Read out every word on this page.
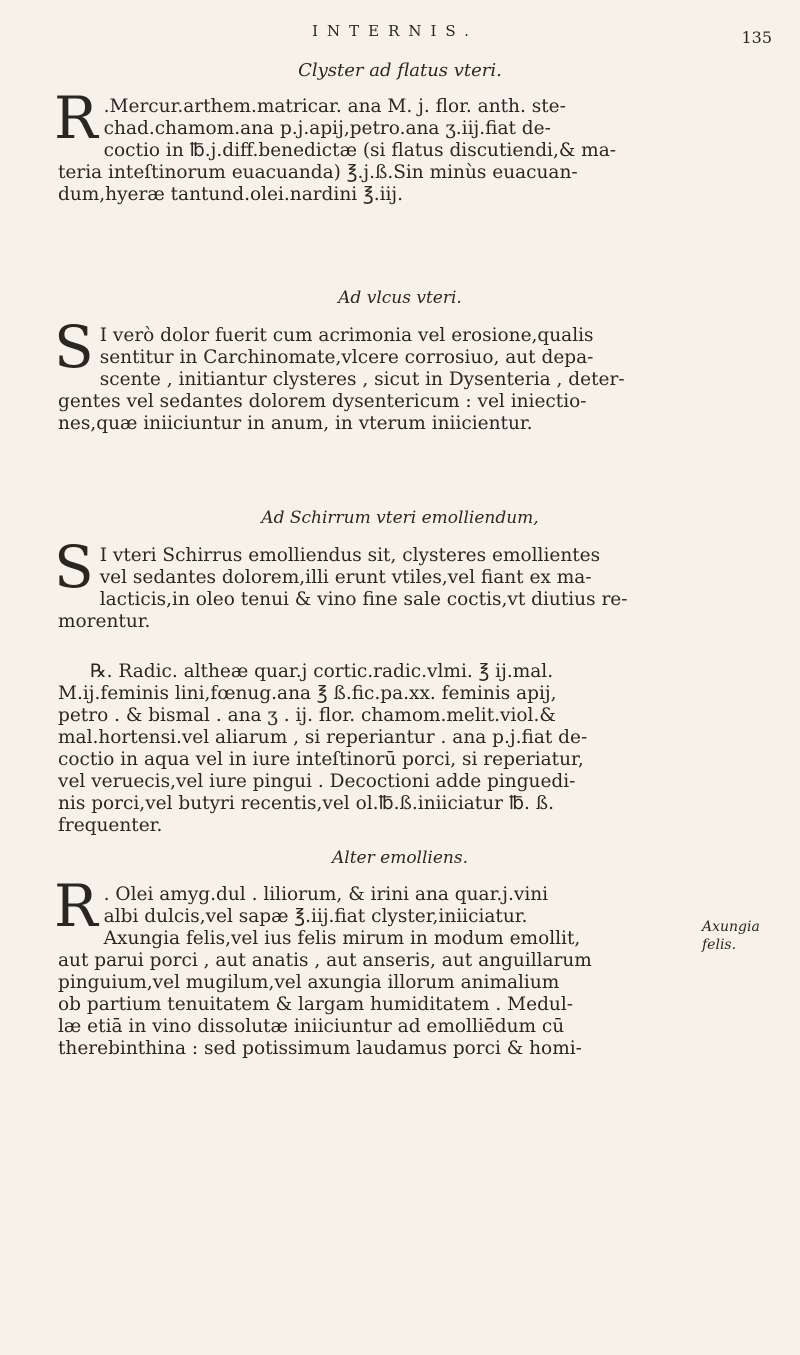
INTERNIS.	135
Clyster ad flatus vteri.
R .Mercur.arthem.matricar. ana M. j. flor. anth. ste-

chad.chamom.ana p.j.apij,petro.ana ʒ.iij.fiat de-

coctio in ℔.j.diff.benedictæ (si flatus discutiendi,& ma-

teria inteſtinorum euacuanda) ℥.j.ß.Sin minùs euacuan-

dum,hyeræ tantund.olei.nardini ℥.iij.

Ad vlcus vteri.
S I verò dolor fuerit cum acrimonia vel erosione,qualis

sentitur in Carchinomate,vlcere corrosiuo, aut depa-

scente , initiantur clysteres , sicut in Dysenteria , deter-

gentes vel sedantes dolorem dysentericum : vel iniectio-

nes,quæ iniiciuntur in anum, in vterum iniicientur.

Ad Schirrum vteri emolliendum,
S I vteri Schirrus emolliendus sit, clysteres emollientes

vel sedantes dolorem,illi erunt vtiles,vel fiant ex ma-

lacticis,in oleo tenui & vino fine sale coctis,vt diutius re-

morentur.

℞. Radic. altheæ quar.j cortic.radic.vlmi. ℥ ij.mal.

M.ij.feminis lini,fœnug.ana ℥ ß.fic.pa.xx. feminis apij,

petro . & bismal . ana ʒ . ij. flor. chamom.melit.viol.&

mal.hortensi.vel aliarum , si reperiantur . ana p.j.fiat de-

coctio in aqua vel in iure inteſtinorū porci, si reperiatur,

vel veruecis,vel iure pingui . Decoctioni adde pinguedi-

nis porci,vel butyri recentis,vel ol.℔.ß.iniiciatur ℔. ß.

frequenter.

Alter emolliens.
R . Olei amyg.dul . liliorum, & irini ana quar.j.vini

albi dulcis,vel sapæ ℥.iij.fiat clyster,iniiciatur.

Axungia felis,vel ius felis mirum in modum emollit,

aut parui porci , aut anatis , aut anseris, aut anguillarum

pinguium,vel mugilum,vel axungia illorum animalium

ob partium tenuitatem & largam humiditatem . Medul-

læ etiā in vino dissolutæ iniiciuntur ad emolliēdum cū

therebinthina : sed potissimum laudamus porci & homi-

Axungia felis.
